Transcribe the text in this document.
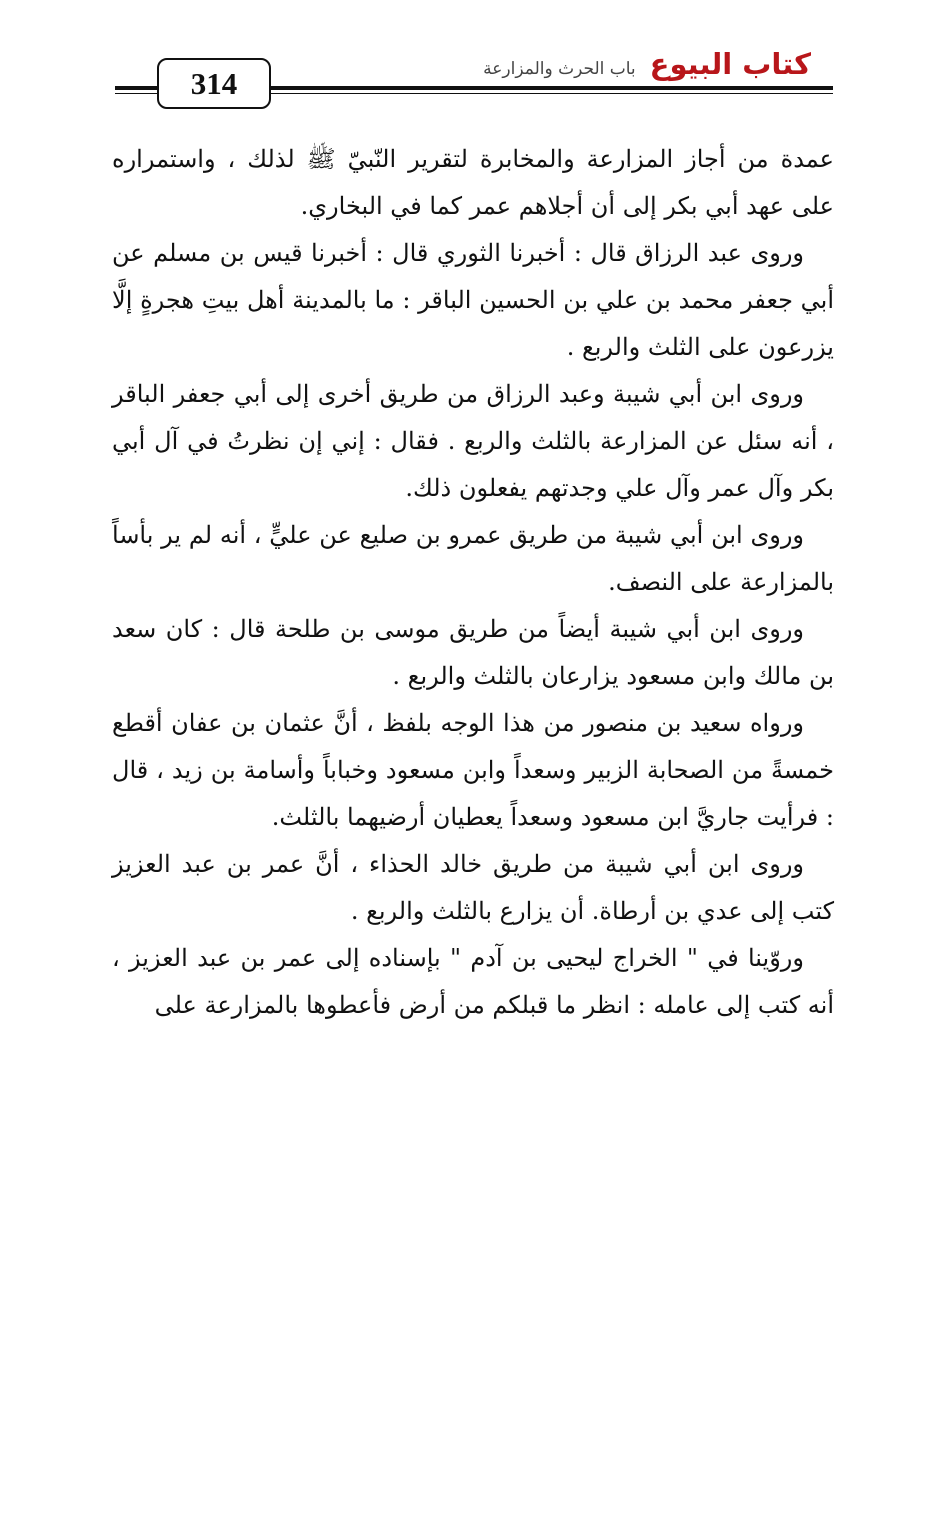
314
كتاب البيوع
باب الحرث والمزارعة

عمدة من أجاز المزارعة والمخابرة لتقرير النّبيّ ﷺ لذلك ، واستمراره على عهد أبي بكر إلى أن أجلاهم عمر كما في البخاري.

وروى عبد الرزاق قال : أخبرنا الثوري قال : أخبرنا قيس بن مسلم عن أبي جعفر محمد بن علي بن الحسين الباقر : ما بالمدينة أهل بيتِ هجرةٍ إلَّا يزرعون على الثلث والربع .

وروى ابن أبي شيبة وعبد الرزاق من طريق أخرى إلى أبي جعفر الباقر ، أنه سئل عن المزارعة بالثلث والربع . فقال : إني إن نظرتُ في آل أبي بكر وآل عمر وآل علي وجدتهم يفعلون ذلك.

وروى ابن أبي شيبة من طريق عمرو بن صليع عن عليٍّ ، أنه لم ير بأساً بالمزارعة على النصف.

وروى ابن أبي شيبة أيضاً من طريق موسى بن طلحة قال : كان سعد بن مالك وابن مسعود يزارعان بالثلث والربع .

ورواه سعيد بن منصور من هذا الوجه بلفظ ، أنَّ عثمان بن عفان أقطع خمسةً من الصحابة الزبير وسعداً وابن مسعود وخباباً وأسامة بن زيد ، قال : فرأيت جاريَّ ابن مسعود وسعداً يعطيان أرضيهما بالثلث.

وروى ابن أبي شيبة من طريق خالد الحذاء ، أنَّ عمر بن عبد العزيز كتب إلى عدي بن أرطاة. أن يزارع بالثلث والربع .

وروّينا في " الخراج ليحيى بن آدم " بإسناده إلى عمر بن عبد العزيز ، أنه كتب إلى عامله : انظر ما قبلكم من أرض فأعطوها بالمزارعة على
